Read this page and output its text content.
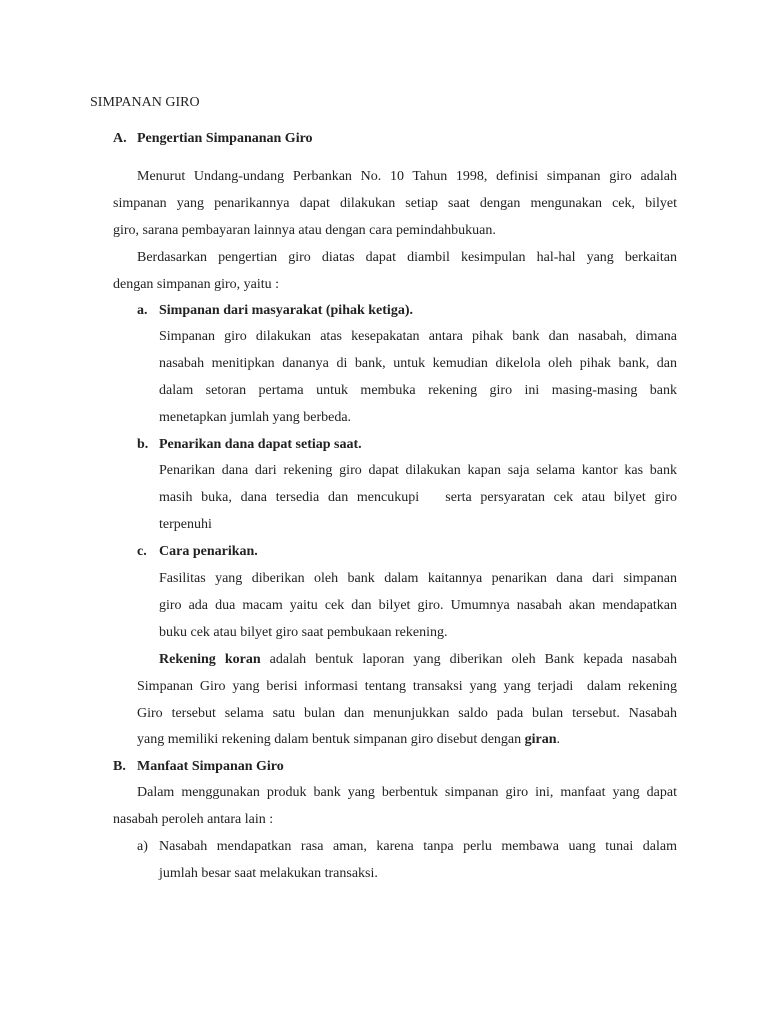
SIMPANAN GIRO
A. Pengertian Simpananan Giro
Menurut Undang-undang Perbankan No. 10 Tahun 1998, definisi simpanan giro adalah
simpanan yang penarikannya dapat dilakukan setiap saat dengan mengunakan cek, bilyet
giro, sarana pembayaran lainnya atau dengan cara pemindahbukuan.
Berdasarkan pengertian giro diatas dapat diambil kesimpulan hal-hal yang berkaitan
dengan simpanan giro, yaitu :
a. Simpanan dari masyarakat (pihak ketiga).
Simpanan giro dilakukan atas kesepakatan antara pihak bank dan nasabah, dimana
nasabah menitipkan dananya di bank, untuk kemudian dikelola oleh pihak bank, dan
dalam setoran pertama untuk membuka rekening giro ini masing-masing bank
menetapkan jumlah yang berbeda.
b. Penarikan dana dapat setiap saat.
Penarikan dana dari rekening giro dapat dilakukan kapan saja selama kantor kas bank
masih buka, dana tersedia dan mencukupi   serta persyaratan cek atau bilyet giro
terpenuhi
c. Cara penarikan.
Fasilitas yang diberikan oleh bank dalam kaitannya penarikan dana dari simpanan
giro ada dua macam yaitu cek dan bilyet giro. Umumnya nasabah akan mendapatkan
buku cek atau bilyet giro saat pembukaan rekening.
Rekening koran adalah bentuk laporan yang diberikan oleh Bank kepada nasabah
Simpanan Giro yang berisi informasi tentang transaksi yang yang terjadi  dalam rekening
Giro tersebut selama satu bulan dan menunjukkan saldo pada bulan tersebut. Nasabah
yang memiliki rekening dalam bentuk simpanan giro disebut dengan giran.
B. Manfaat Simpanan Giro
Dalam menggunakan produk bank yang berbentuk simpanan giro ini, manfaat yang dapat
nasabah peroleh antara lain :
a) Nasabah mendapatkan rasa aman, karena tanpa perlu membawa uang tunai dalam
jumlah besar saat melakukan transaksi.
